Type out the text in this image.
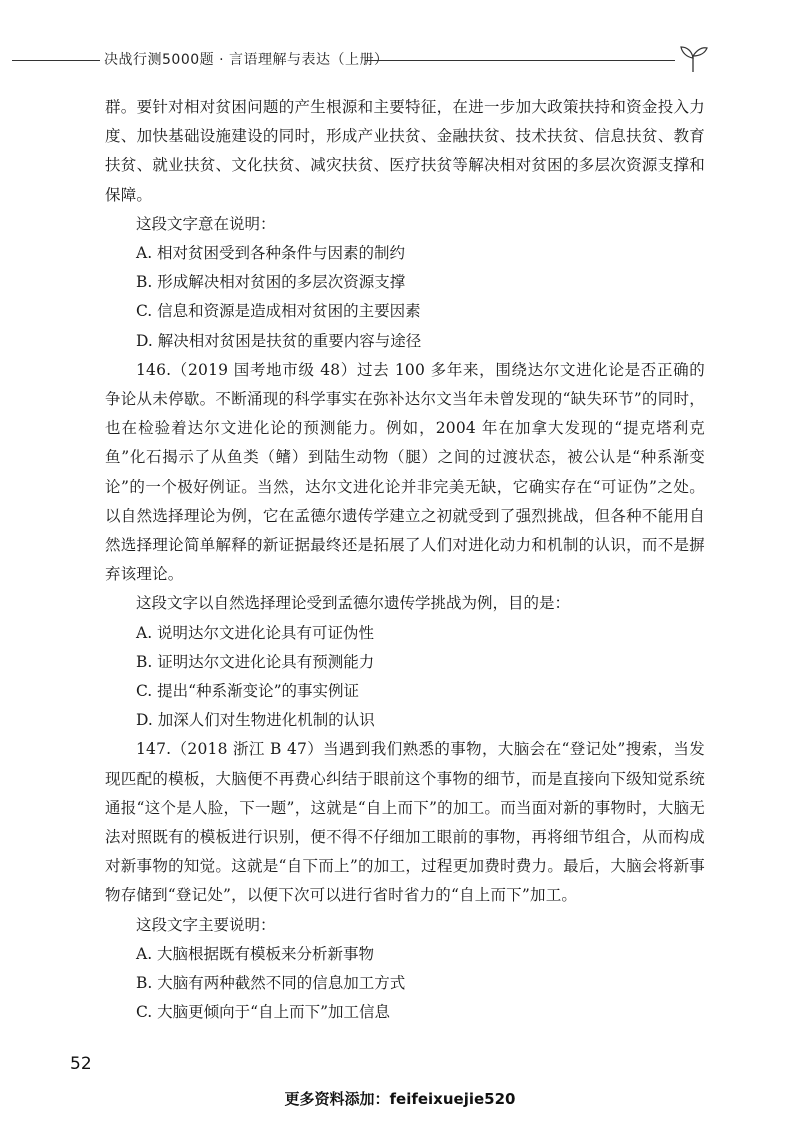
决战行测5000题 · 言语理解与表达（上册）

群。要针对相对贫困问题的产生根源和主要特征，在进一步加大政策扶持和资金投入力度、加快基础设施建设的同时，形成产业扶贫、金融扶贫、技术扶贫、信息扶贫、教育扶贫、就业扶贫、文化扶贫、减灾扶贫、医疗扶贫等解决相对贫困的多层次资源支撑和保障。

这段文字意在说明：

A. 相对贫困受到各种条件与因素的制约

B. 形成解决相对贫困的多层次资源支撑

C. 信息和资源是造成相对贫困的主要因素

D. 解决相对贫困是扶贫的重要内容与途径

146.（2019 国考地市级 48）过去 100 多年来，围绕达尔文进化论是否正确的争论从未停歇。不断涌现的科学事实在弥补达尔文当年未曾发现的“缺失环节”的同时，也在检验着达尔文进化论的预测能力。例如，2004 年在加拿大发现的“提克塔利克鱼”化石揭示了从鱼类（鳍）到陆生动物（腿）之间的过渡状态，被公认是“种系渐变论”的一个极好例证。当然，达尔文进化论并非完美无缺，它确实存在“可证伪”之处。以自然选择理论为例，它在孟德尔遗传学建立之初就受到了强烈挑战，但各种不能用自然选择理论简单解释的新证据最终还是拓展了人们对进化动力和机制的认识，而不是摒弃该理论。

这段文字以自然选择理论受到孟德尔遗传学挑战为例，目的是：

A. 说明达尔文进化论具有可证伪性

B. 证明达尔文进化论具有预测能力

C. 提出“种系渐变论”的事实例证

D. 加深人们对生物进化机制的认识

147.（2018 浙江 B 47）当遇到我们熟悉的事物，大脑会在“登记处”搜索，当发现匹配的模板，大脑便不再费心纠结于眼前这个事物的细节，而是直接向下级知觉系统通报“这个是人脸，下一题”，这就是“自上而下”的加工。而当面对新的事物时，大脑无法对照既有的模板进行识别，便不得不仔细加工眼前的事物，再将细节组合，从而构成对新事物的知觉。这就是“自下而上”的加工，过程更加费时费力。最后，大脑会将新事物存储到“登记处”，以便下次可以进行省时省力的“自上而下”加工。

这段文字主要说明：

A. 大脑根据既有模板来分析新事物

B. 大脑有两种截然不同的信息加工方式

C. 大脑更倾向于“自上而下”加工信息

52
更多资料添加：feifeixuejie520
